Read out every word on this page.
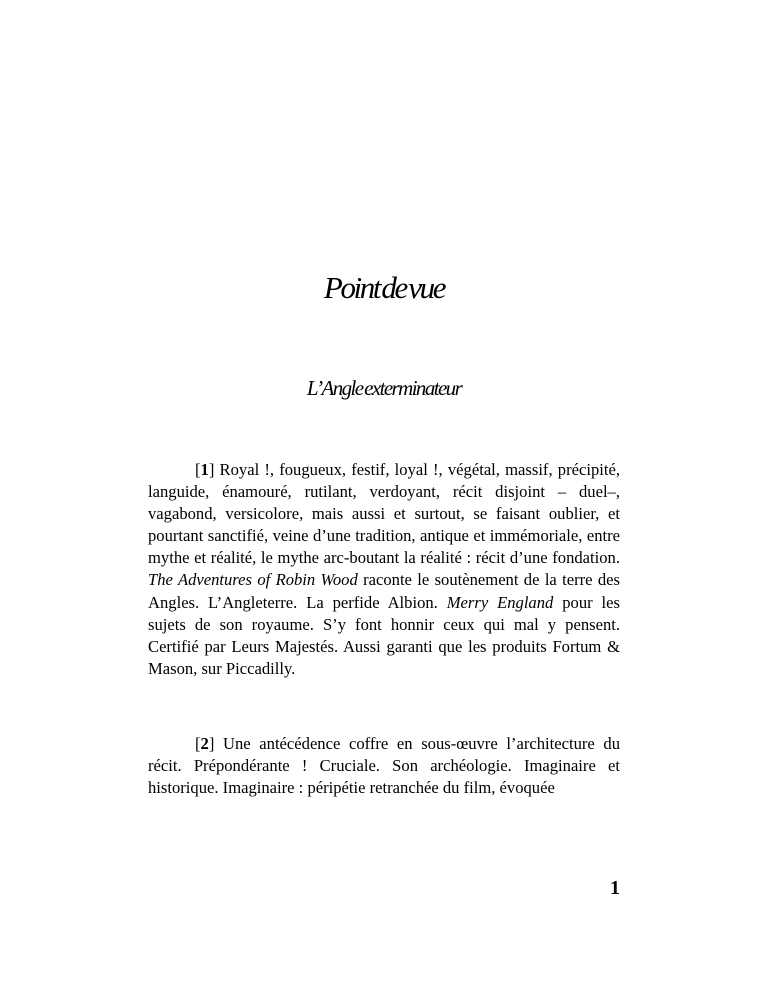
Point de vue
L’Angle exterminateur

[1] Royal !, fougueux, festif, loyal !, végétal, massif, précipité, languide, énamouré, rutilant, verdoyant, récit disjoint – duel–, vagabond, versicolore, mais aussi et surtout, se faisant oublier, et pourtant sanctifié, veine d’une tradition, antique et immémoriale, entre mythe et réalité, le mythe arc-boutant la réalité : récit d’une fondation. The Adventures of Robin Wood raconte le soutènement de la terre des Angles. L’Angleterre. La perfide Albion. Merry England pour les sujets de son royaume. S’y font honnir ceux qui mal y pensent. Certifié par Leurs Majestés. Aussi garanti que les produits Fortum & Mason, sur Piccadilly.

[2] Une antécédence coffre en sous-œuvre l’architecture du récit. Prépondérante ! Cruciale. Son archéologie. Imaginaire et historique. Imaginaire : péripétie retranchée du film, évoquée

1
